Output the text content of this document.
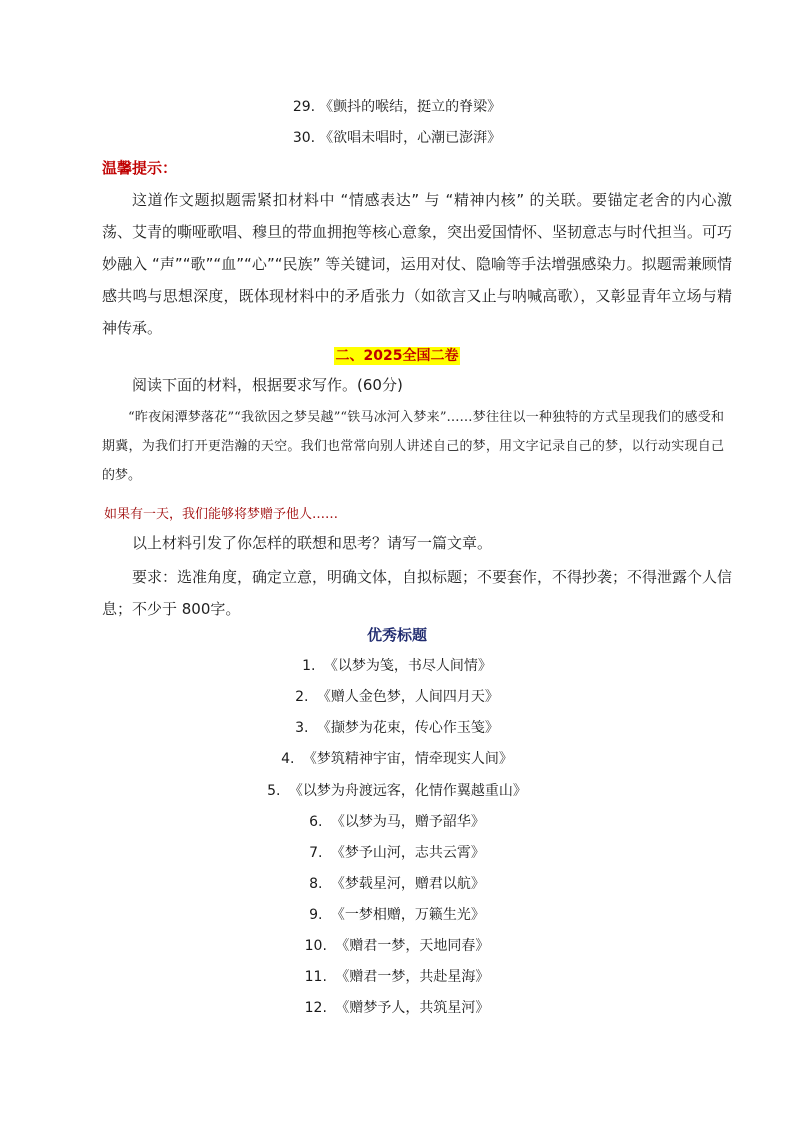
29. 《颤抖的喉结，挺立的脊梁》
30. 《欲唱未唱时，心潮已澎湃》
温馨提示：
这道作文题拟题需紧扣材料中 “情感表达” 与 “精神内核” 的关联。要锚定老舍的内心激荡、艾青的嘶哑歌唱、穆旦的带血拥抱等核心意象，突出爱国情怀、坚韧意志与时代担当。可巧妙融入 “声”“歌”“血”“心”“民族” 等关键词，运用对仗、隐喻等手法增强感染力。拟题需兼顾情感共鸣与思想深度，既体现材料中的矛盾张力（如欲言又止与呐喊高歌），又彰显青年立场与精神传承。
二、2025全国二卷
阅读下面的材料，根据要求写作。(60分)
“昨夜闲潭梦落花”“我欲因之梦吴越”“铁马冰河入梦来”……梦往往以一种独特的方式呈现我们的感受和期冀，为我们打开更浩瀚的天空。我们也常常向别人讲述自己的梦，用文字记录自己的梦，以行动实现自己的梦。
如果有一天，我们能够将梦赠予他人……
以上材料引发了你怎样的联想和思考？请写一篇文章。
要求：选准角度，确定立意，明确文体，自拟标题；不要套作，不得抄袭；不得泄露个人信息；不少于 800字。
优秀标题
1. 《以梦为笺，书尽人间情》
2. 《赠人金色梦，人间四月天》
3. 《撷梦为花束，传心作玉笺》
4. 《梦筑精神宇宙，情牵现实人间》
5. 《以梦为舟渡远客，化情作翼越重山》
6. 《以梦为马，赠予韶华》
7. 《梦予山河，志共云霄》
8. 《梦载星河，赠君以航》
9. 《一梦相赠，万籁生光》
10. 《赠君一梦，天地同春》
11. 《赠君一梦，共赴星海》
12. 《赠梦予人，共筑星河》
